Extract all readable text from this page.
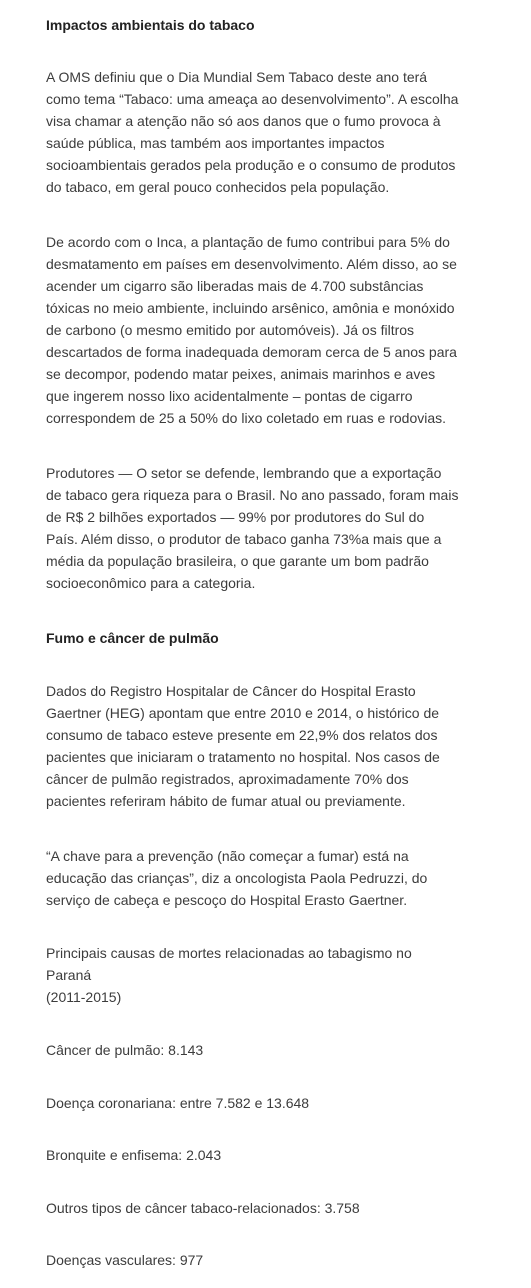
Impactos ambientais do tabaco

A OMS definiu que o Dia Mundial Sem Tabaco deste ano terá
como tema “Tabaco: uma ameaça ao desenvolvimento”. A escolha
visa chamar a atenção não só aos danos que o fumo provoca à
saúde pública, mas também aos importantes impactos
socioambientais gerados pela produção e o consumo de produtos
do tabaco, em geral pouco conhecidos pela população.

De acordo com o Inca, a plantação de fumo contribui para 5% do
desmatamento em países em desenvolvimento. Além disso, ao se
acender um cigarro são liberadas mais de 4.700 substâncias
tóxicas no meio ambiente, incluindo arsênico, amônia e monóxido
de carbono (o mesmo emitido por automóveis). Já os filtros
descartados de forma inadequada demoram cerca de 5 anos para
se decompor, podendo matar peixes, animais marinhos e aves
que ingerem nosso lixo acidentalmente – pontas de cigarro
correspondem de 25 a 50% do lixo coletado em ruas e rodovias.

Produtores — O setor se defende, lembrando que a exportação
de tabaco gera riqueza para o Brasil. No ano passado, foram mais
de R$ 2 bilhões exportados — 99% por produtores do Sul do
País. Além disso, o produtor de tabaco ganha 73%a mais que a
média da população brasileira, o que garante um bom padrão
socioeconômico para a categoria.

Fumo e câncer de pulmão

Dados do Registro Hospitalar de Câncer do Hospital Erasto
Gaertner (HEG) apontam que entre 2010 e 2014, o histórico de
consumo de tabaco esteve presente em 22,9% dos relatos dos
pacientes que iniciaram o tratamento no hospital. Nos casos de
câncer de pulmão registrados, aproximadamente 70% dos
pacientes referiram hábito de fumar atual ou previamente.

“A chave para a prevenção (não começar a fumar) está na
educação das crianças”, diz a oncologista Paola Pedruzzi, do
serviço de cabeça e pescoço do Hospital Erasto Gaertner.

Principais causas de mortes relacionadas ao tabagismo no
Paraná
(2011-2015)

Câncer de pulmão: 8.143

Doença coronariana: entre 7.582 e 13.648

Bronquite e enfisema: 2.043

Outros tipos de câncer tabaco-relacionados: 3.758

Doenças vasculares: 977
